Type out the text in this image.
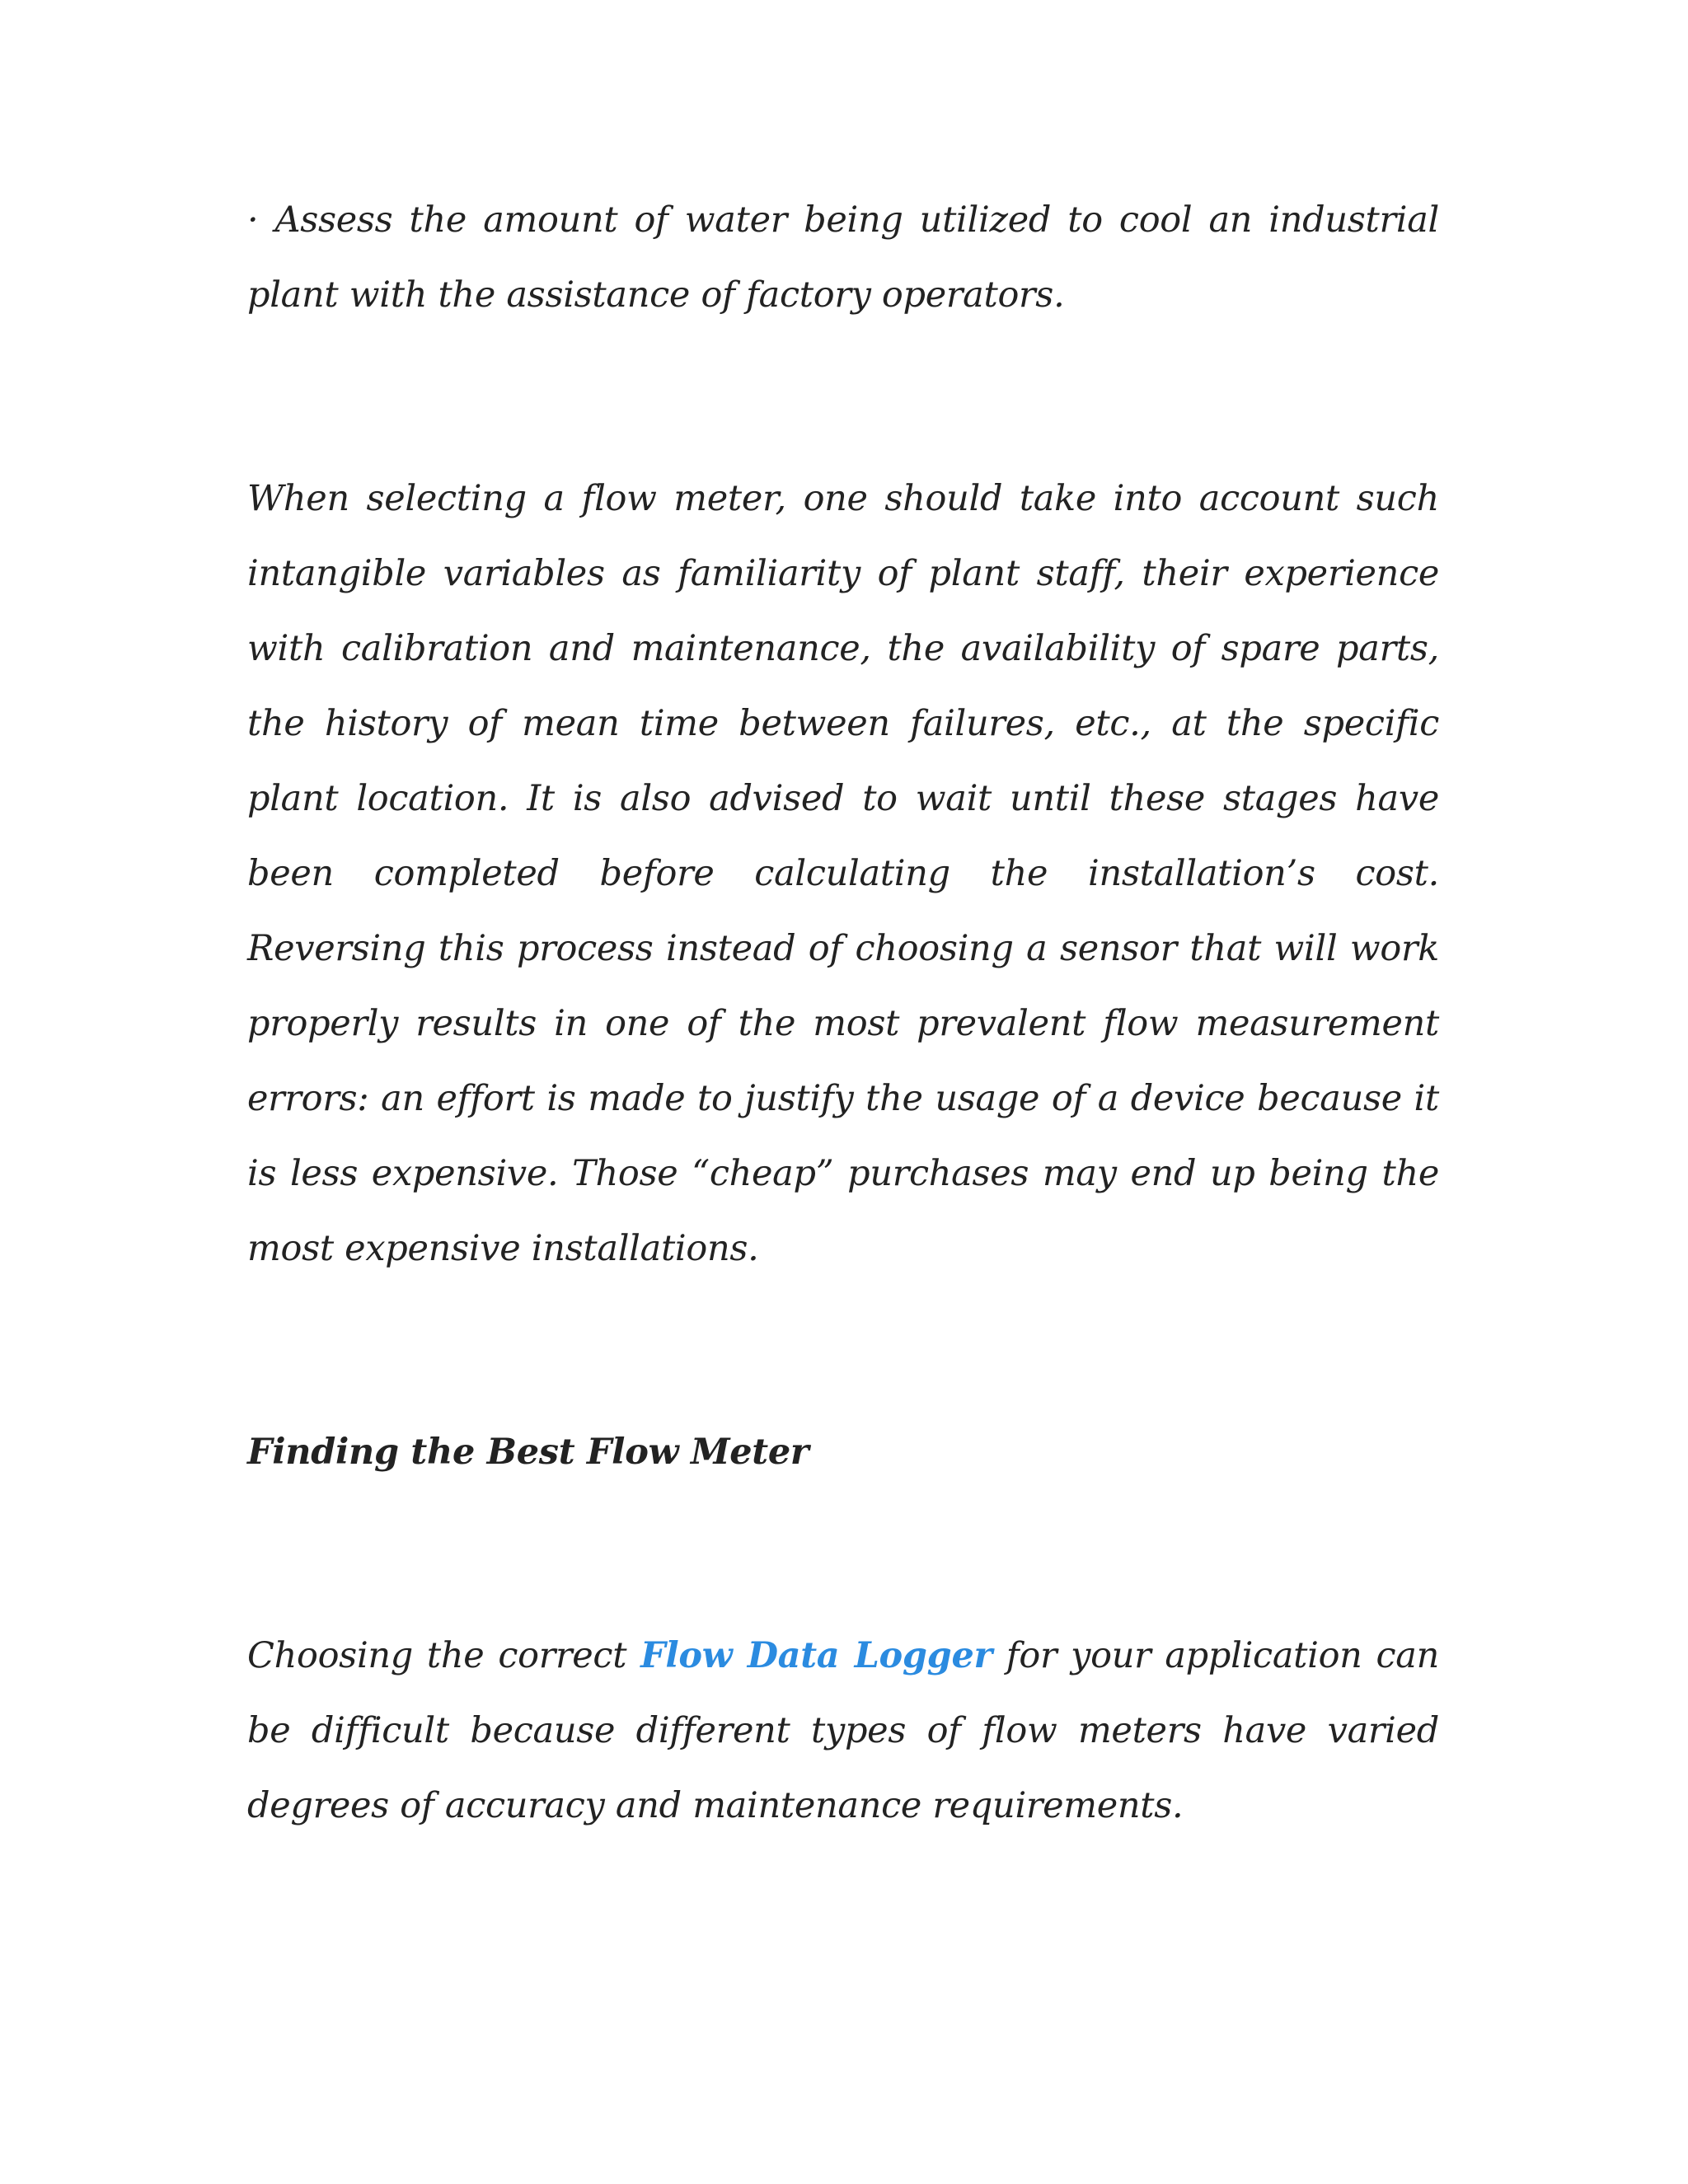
· Assess the amount of water being utilized to cool an industrial plant with the assistance of factory operators.

When selecting a flow meter, one should take into account such intangible variables as familiarity of plant staff, their experience with calibration and maintenance, the availability of spare parts, the history of mean time between failures, etc., at the specific plant location. It is also advised to wait until these stages have been completed before calculating the installation’s cost. Reversing this process instead of choosing a sensor that will work properly results in one of the most prevalent flow measurement errors: an effort is made to justify the usage of a device because it is less expensive. Those “cheap” purchases may end up being the most expensive installations.

Finding the Best Flow Meter

Choosing the correct Flow Data Logger for your application can be difficult because different types of flow meters have varied degrees of accuracy and maintenance requirements.
